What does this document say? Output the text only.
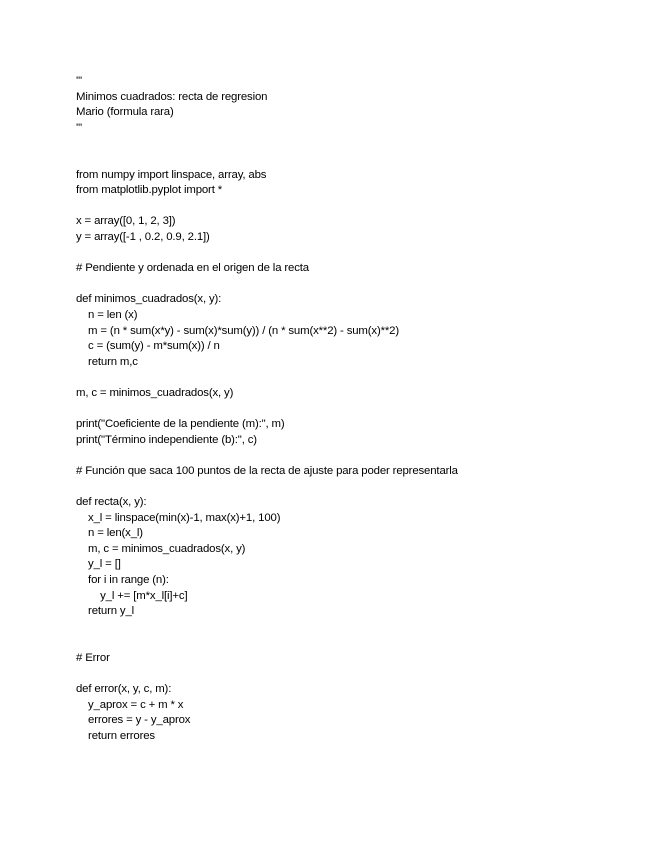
'''
Minimos cuadrados: recta de regresion
Mario (formula rara)
'''
from numpy import linspace, array, abs
from matplotlib.pyplot import *
x = array([0, 1, 2, 3])
y = array([-1 , 0.2, 0.9, 2.1])
# Pendiente y ordenada en el origen de la recta
def minimos_cuadrados(x, y):
n = len (x)
m = (n * sum(x*y) - sum(x)*sum(y)) / (n * sum(x**2) - sum(x)**2)
c = (sum(y) - m*sum(x)) / n
return m,c
m, c = minimos_cuadrados(x, y)
print("Coeficiente de la pendiente (m):", m)
print("Término independiente (b):", c)
# Función que saca 100 puntos de la recta de ajuste para poder representarla
def recta(x, y):
x_l = linspace(min(x)-1, max(x)+1, 100)
n = len(x_l)
m, c = minimos_cuadrados(x, y)
y_l = []
for i in range (n):
y_l += [m*x_l[i]+c]
return y_l
# Error
def error(x, y, c, m):
y_aprox = c + m * x
errores = y - y_aprox
return errores
